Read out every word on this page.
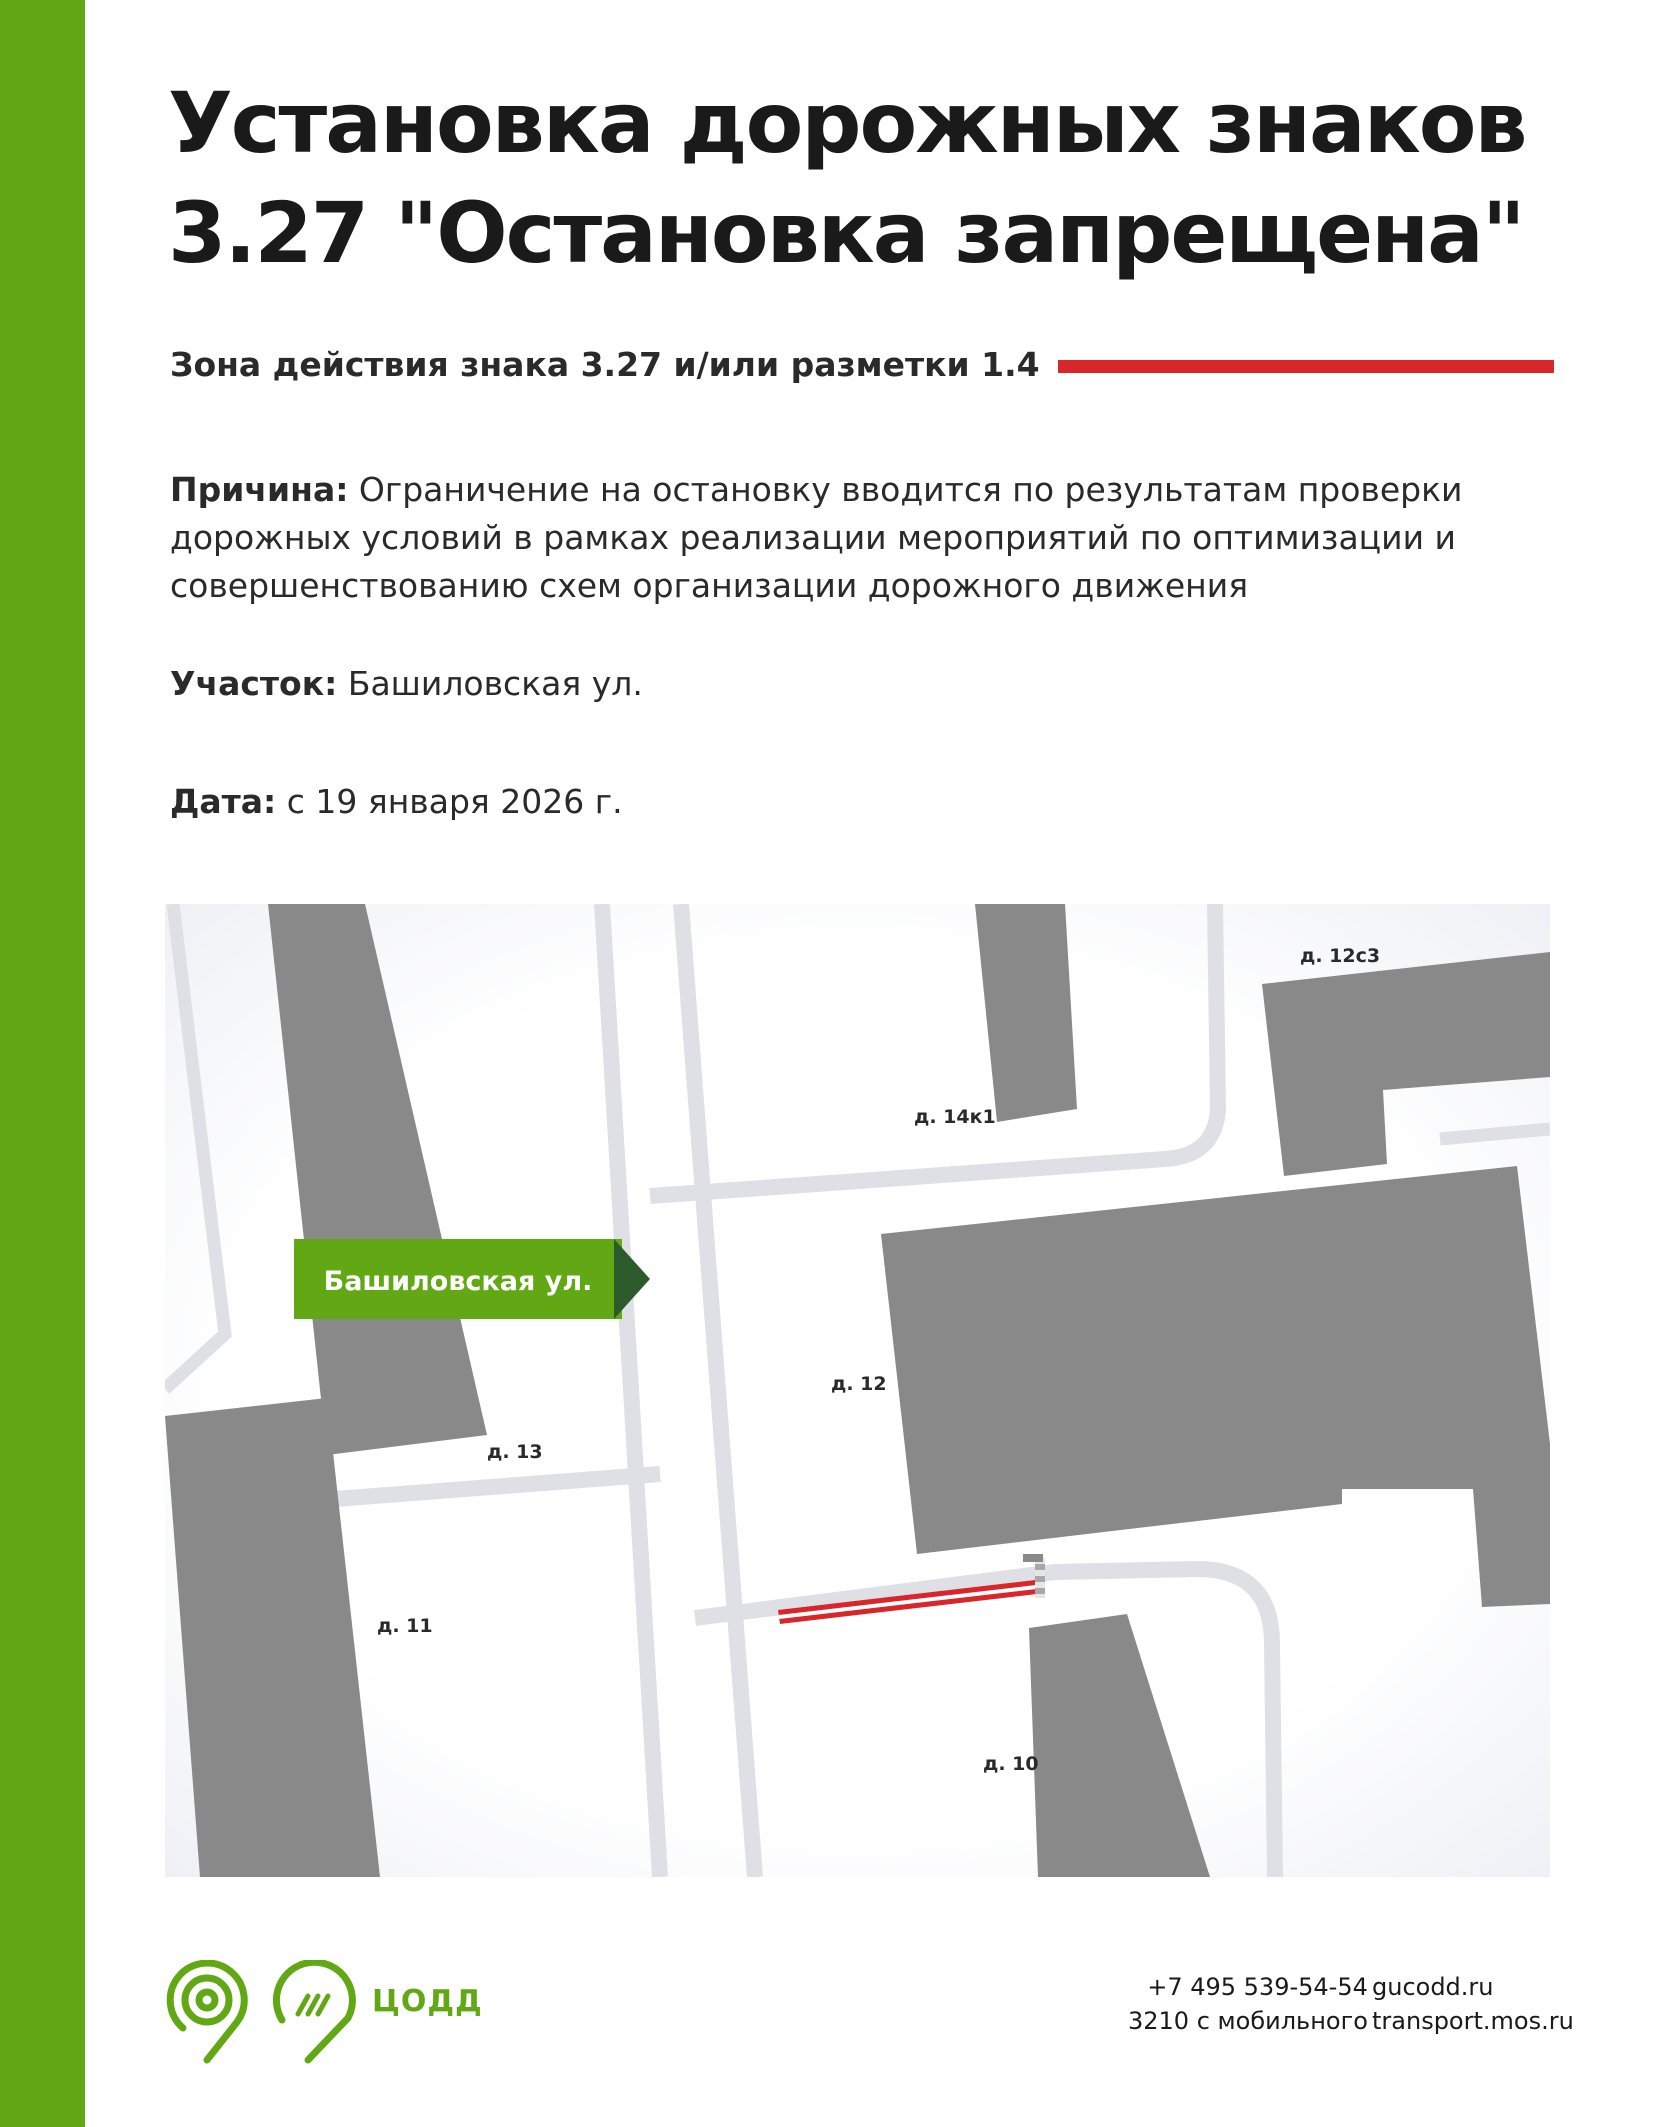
Установка дорожных знаков
3.27 "Остановка запрещена"
Зона действия знака 3.27 и/или разметки 1.4

Причина: Ограничение на остановку вводится по результатам проверки дорожных условий в рамках реализации мероприятий по оптимизации и совершенствованию схем организации дорожного движения

Участок: Башиловская ул.

Дата: с 19 января 2026 г.

Башиловская ул.
д. 12с3
д. 14к1
д. 12
д. 13
д. 11
д. 10
ЦОДД	+7 495 539-54-54
3210 с мобильного
gucodd.ru
transport.mos.ru
